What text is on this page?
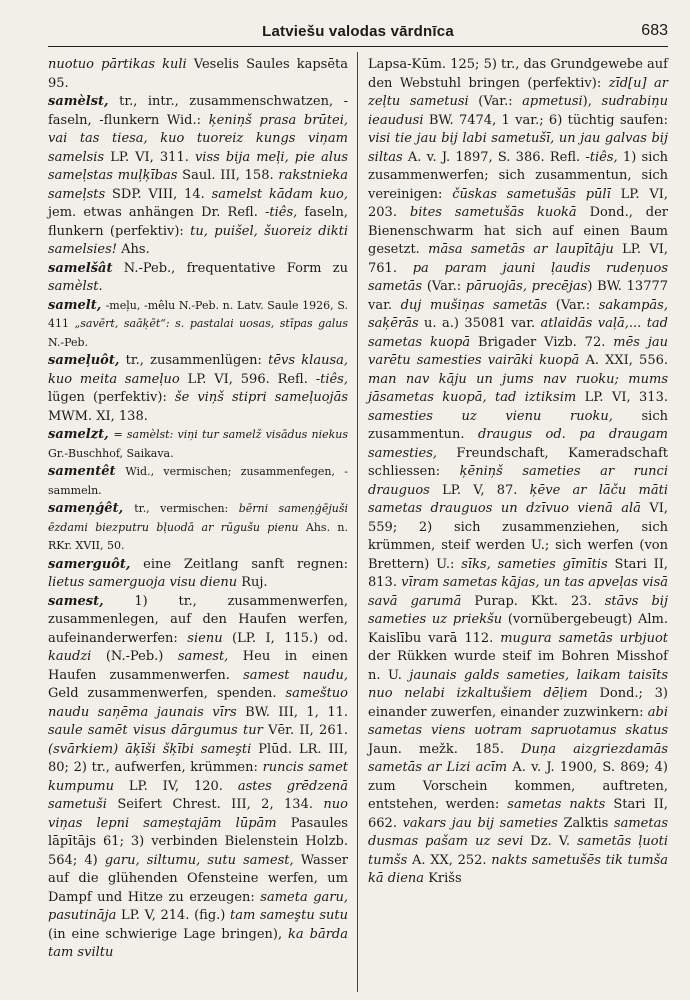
Latviešu valodas vārdnīca	683

nuotuo pārtikas kuli Veselis Saules kapsēta 95.

samèlst, tr., intr., zusammenschwatzen, -faseln, -flunkern Wid.: ķeniņš prasa brūtei, vai tas tiesa, kuo tuoreiz kungs viņam samelsis LP. VI, 311. viss bija meļi, pie alus sameļstas muļķības Saul. III, 158. rakstnieka sameļsts SDP. VIII, 14. samelst kādam kuo, jem. etwas anhängen Dr. Refl. -tiês, faseln, flunkern (perfektiv): tu, puišel, šuoreiz dikti samelsies! Ahs.

samelšât N.-Peb., frequentative Form zu samèlst.

samelt, -meļu, -mêlu N.-Peb. n. Latv. Saule 1926, S. 411 „savērt, saāķēt“: s. pastalai uosas, stīpas galus N.-Peb.

sameļuôt, tr., zusammenlügen: tēvs klausa, kuo meita sameļuo LP. VI, 596. Refl. -tiês, lügen (perfektiv): še viņš stipri sameļuojās MWM. XI, 138.

samelzt, = samèlst: viņi tur samelž visādus niekus Gr.-Buschhof, Saikava.

samentêt Wid., vermischen; zusammenfegen, -sammeln.

sameņģêt, tr., vermischen: bērni sameņģējuši ēzdami biezputru bļuodā ar rūgušu pienu Ahs. n. RKr. XVII, 50.

samerguôt, eine Zeitlang sanft regnen: lietus samerguoja visu dienu Ruj.

samest, 1) tr., zusammenwerfen, zusammenlegen, auf den Haufen werfen, aufeinanderwerfen: sienu (LP. I, 115.) od. kaudzi (N.-Peb.) samest, Heu in einen Haufen zusammenwerfen. samest naudu, Geld zusammenwerfen, spenden. sameštuo naudu saņēma jaunais vīrs BW. III, 1, 11. saule samēt visus dārgumus tur Vēr. II, 261. (svārkiem) āķīši šķībi sameşti Plūd. LR. III, 80; 2) tr., aufwerfen, krümmen: runcis samet kumpumu LP. IV, 120. astes grēdzenā sametuši Seifert Chrest. III, 2, 134. nuo viņas lepni sameṣtajām lūpām Pasaules lāpītājs 61; 3) verbinden Bielenstein Holzb. 564; 4) garu, siltumu, sutu samest, Wasser auf die glühenden Ofensteine werfen, um Dampf und Hitze zu erzeugen: sameta garu, pasutināja LP. V, 214. (fig.) tam sameştu sutu (in eine schwierige Lage bringen), ka bārda tam sviltu

Lapsa-Kūm. 125; 5) tr., das Grundgewebe auf den Webstuhl bringen (perfektiv): zīd[u] ar zeļtu sametusi (Var.: apmetusi), sudrabiņu ieaudusi BW. 7474, 1 var.; 6) tüchtig saufen: visi tie jau bij labi sametušī, un jau galvas bij siltas A. v. J. 1897, S. 386. Refl. -tiês, 1) sich zusammenwerfen; sich zusammentun, sich vereinigen: čūskas sametušās pūlī LP. VI, 203. bites sametušās kuokā Dond., der Bienenschwarm hat sich auf einen Baum gesetzt. māsa sametās ar laupītāju LP. VI, 761. pa param jauni ļaudis rudeņuos sametās (Var.: pāruojās, precējas) BW. 13777 var. duj mušiņas sametās (Var.: sakampās, saķērās u. a.) 35081 var. atlaidās vaļā,... tad sametas kuopā Brigader Vizb. 72. mēs jau varētu samesties vairāki kuopā A. XXI, 556. man nav kāju un jums nav ruoku; mums jāsametas kuopā, tad iztiksim LP. VI, 313. samesties uz vienu ruoku, sich zusammentun. draugus od. pa draugam samesties, Freundschaft, Kameradschaft schliessen: ķēniņš sameties ar runci drauguos LP. V, 87. ķēve ar lāču māti sametas drauguos un dzīvuo vienā alā VI, 559; 2) sich zusammenziehen, sich krümmen, steif werden U.; sich werfen (von Brettern) U.: sīks, sameties gīmītis Stari II, 813. vīram sametas kājas, un tas apveļas visā savā garumā Purap. Kkt. 23. stāvs bij sameties uz priekšu (vornübergebeugt) Alm. Kaislību varā 112. mugura sametās urbjuot der Rükken wurde steif im Bohren Misshof n. U. jaunais galds sameties, laikam taisīts nuo nelabi izkaltušiem dēļiem Dond.; 3) einander zuwerfen, einander zuzwinkern: abi sametas viens uotram sapruotamus skatus Jaun. mežk. 185. Duņa aizgriezdamās sametās ar Lizi acīm A. v. J. 1900, S. 869; 4) zum Vorschein kommen, auftreten, entstehen, werden: sametas nakts Stari II, 662. vakars jau bij sameties Zalktis sametas dusmas pašam uz sevi Dz. V. sametās ļuoti tumšs A. XX, 252. nakts sametušēs tik tumša kā dienа Krišs
